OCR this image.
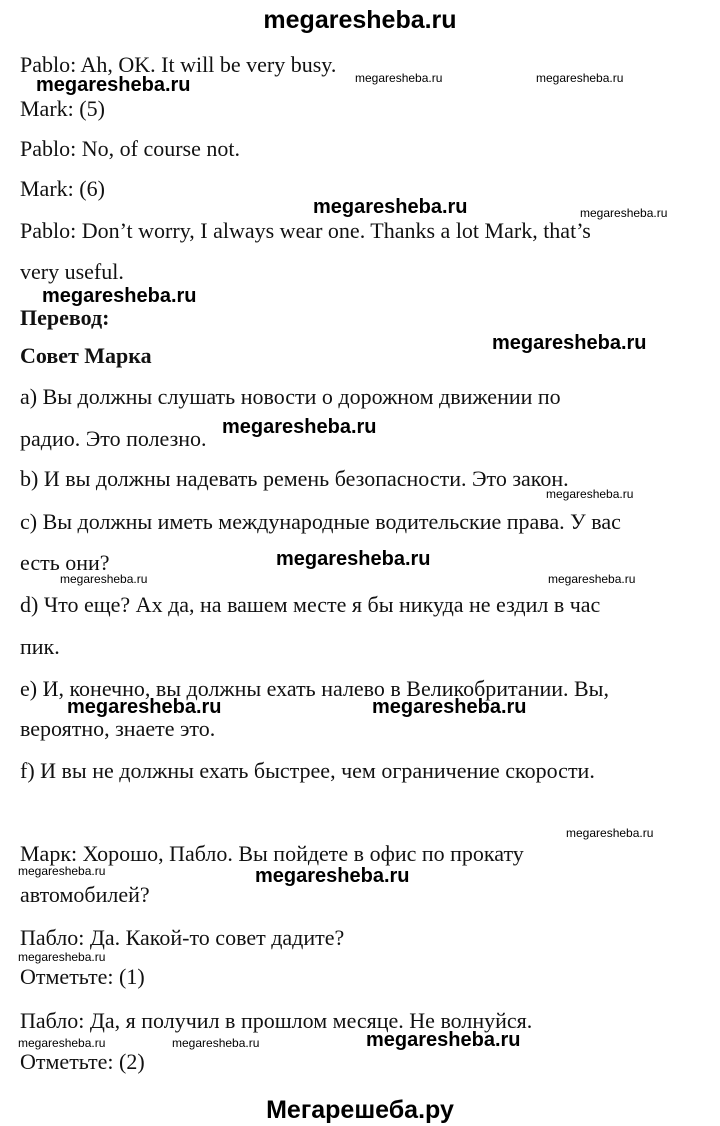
megaresheba.ru
Pablo: Ah, OK. It will be very busy.
Mark: (5)
Pablo: No, of course not.
Mark: (6)
Pablo: Don’t worry, I always wear one. Thanks a lot Mark, that’s
very useful.
Перевод:
Совет Марка
a) Вы должны слушать новости о дорожном движении по
радио. Это полезно.
b) И вы должны надевать ремень безопасности. Это закон.
c) Вы должны иметь международные водительские права. У вас
есть они?
d) Что еще? Ах да, на вашем месте я бы никуда не ездил в час
пик.
e) И, конечно, вы должны ехать налево в Великобритании. Вы,
вероятно, знаете это.
f) И вы не должны ехать быстрее, чем ограничение скорости.
Марк: Хорошо, Пабло. Вы пойдете в офис по прокату
автомобилей?
Пабло: Да. Какой-то совет дадите?
Отметьте: (1)
Пабло: Да, я получил в прошлом месяце. Не волнуйся.
Отметьте: (2)
Мегарешеба.ру
megaresheba.ru
megaresheba.ru
megaresheba.ru
megaresheba.ru
megaresheba.ru
megaresheba.ru
megaresheba.ru	megaresheba.ru
megaresheba.ru
megaresheba.ru
megaresheba.ru	megaresheba.ru
megaresheba.ru
megaresheba.ru
megaresheba.ru	megaresheba.ru
megaresheba.ru
megaresheba.ru
megaresheba.ru
megaresheba.ru	megaresheba.ru
